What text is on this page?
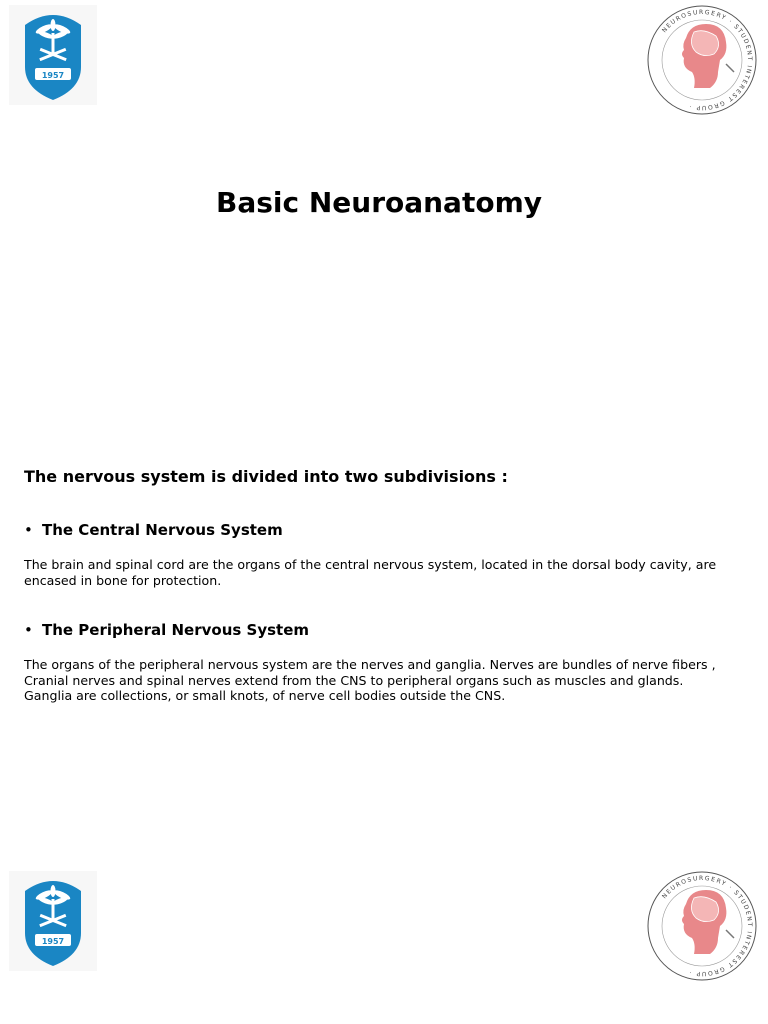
1957
NEUROSURGERY · STUDENT INTEREST GROUP ·
Basic Neuroanatomy
The nervous system is divided into two subdivisions :
• The Central Nervous System
The brain and spinal cord are the organs of the central nervous system, located in the dorsal body cavity, are
encased in bone for protection.
• The Peripheral Nervous System
The organs of the peripheral nervous system are the nerves and ganglia. Nerves are bundles of nerve fibers ,
Cranial nerves and spinal nerves extend from the CNS to peripheral organs such as muscles and glands.
Ganglia are collections, or small knots, of nerve cell bodies outside the CNS.
1957
NEUROSURGERY · STUDENT INTEREST GROUP ·
